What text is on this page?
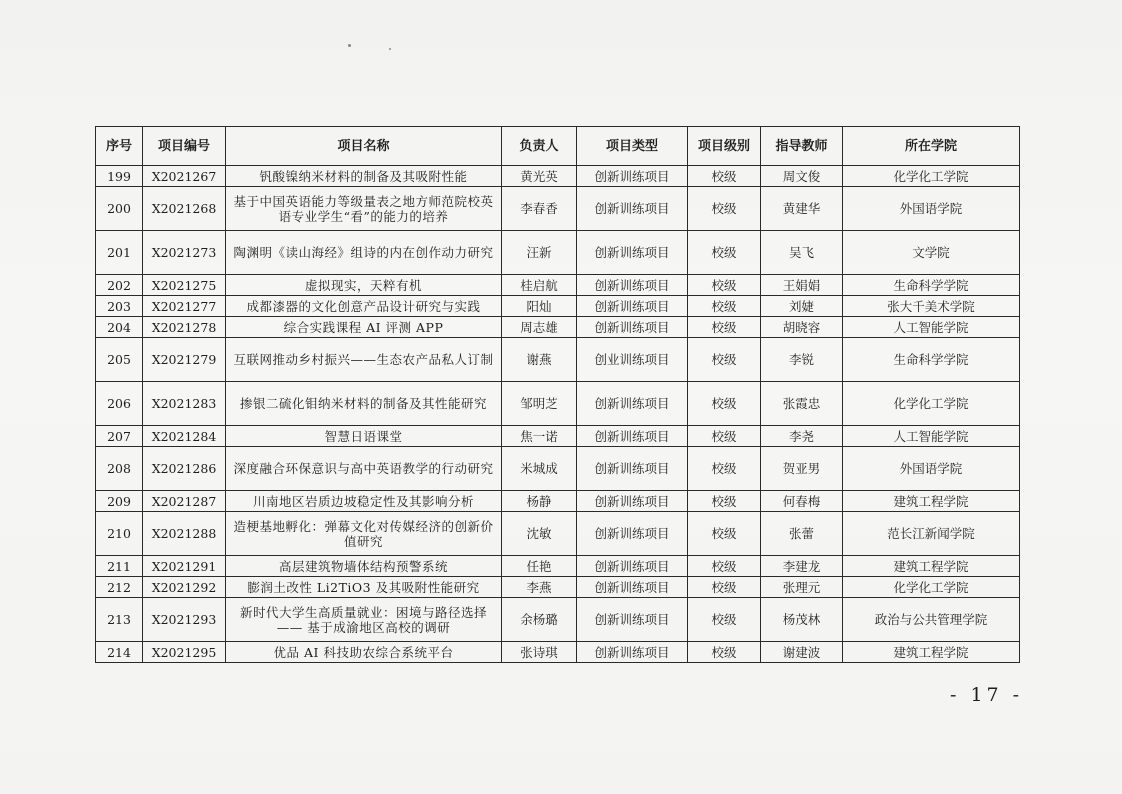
序号	项目编号	项目名称	负责人	项目类型	项目级别	指导教师	所在学院
199	X2021267	钒酸镍纳米材料的制备及其吸附性能	黄光英	创新训练项目	校级	周文俊	化学化工学院
200	X2021268	基于中国英语能力等级量表之地方师范院校英语专业学生“看”的能力的培养	李春香	创新训练项目	校级	黄建华	外国语学院
201	X2021273	陶渊明《读山海经》组诗的内在创作动力研究	汪新	创新训练项目	校级	吴飞	文学院
202	X2021275	虚拟现实，天粹有机	桂启航	创新训练项目	校级	王娟娟	生命科学学院
203	X2021277	成都漆器的文化创意产品设计研究与实践	阳灿	创新训练项目	校级	刘婕	张大千美术学院
204	X2021278	综合实践课程 AI 评测 APP	周志雄	创新训练项目	校级	胡晓容	人工智能学院
205	X2021279	互联网推动乡村振兴——生态农产品私人订制	谢燕	创业训练项目	校级	李锐	生命科学学院
206	X2021283	掺银二硫化钼纳米材料的制备及其性能研究	邹明芝	创新训练项目	校级	张霞忠	化学化工学院
207	X2021284	智慧日语课堂	焦一诺	创新训练项目	校级	李尧	人工智能学院
208	X2021286	深度融合环保意识与高中英语教学的行动研究	米城成	创新训练项目	校级	贺亚男	外国语学院
209	X2021287	川南地区岩质边坡稳定性及其影响分析	杨静	创新训练项目	校级	何春梅	建筑工程学院
210	X2021288	造梗基地孵化：弹幕文化对传媒经济的创新价值研究	沈敏	创新训练项目	校级	张蕾	范长江新闻学院
211	X2021291	高层建筑物墙体结构预警系统	任艳	创新训练项目	校级	李建龙	建筑工程学院
212	X2021292	膨润土改性 Li2TiO3 及其吸附性能研究	李燕	创新训练项目	校级	张理元	化学化工学院
213	X2021293	新时代大学生高质量就业：困境与路径选择—— 基于成渝地区高校的调研	余杨璐	创新训练项目	校级	杨茂林	政治与公共管理学院
214	X2021295	优品 AI 科技助农综合系统平台	张诗琪	创新训练项目	校级	谢建波	建筑工程学院
- 17 -
